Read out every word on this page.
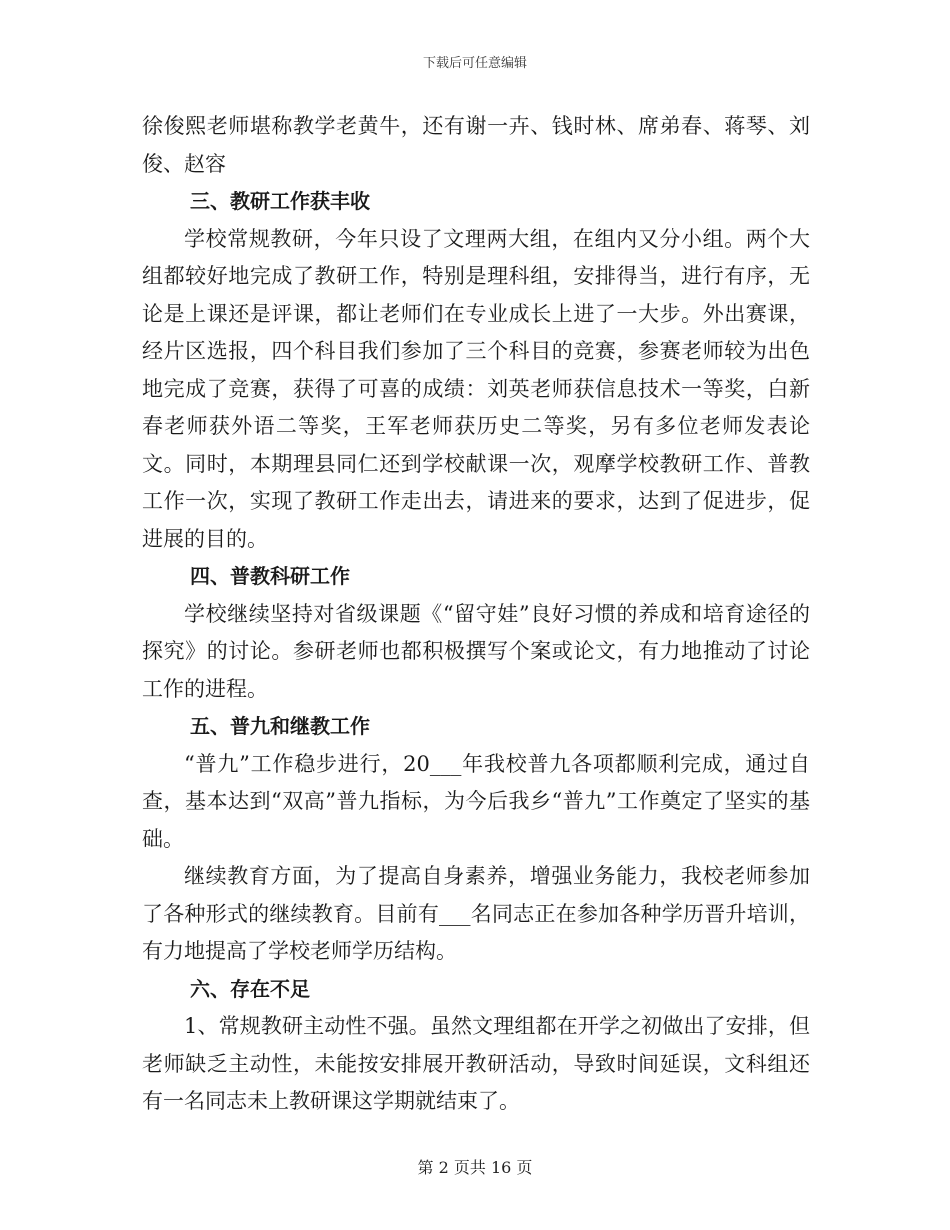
下载后可任意编辑

徐俊熙老师堪称教学老黄牛，还有谢一卉、钱时林、席弟春、蒋琴、刘俊、赵容

三、教研工作获丰收

学校常规教研，今年只设了文理两大组，在组内又分小组。两个大组都较好地完成了教研工作，特别是理科组，安排得当，进行有序，无论是上课还是评课，都让老师们在专业成长上进了一大步。外出赛课，经片区选报，四个科目我们参加了三个科目的竞赛，参赛老师较为出色地完成了竞赛，获得了可喜的成绩：刘英老师获信息技术一等奖，白新春老师获外语二等奖，王军老师获历史二等奖，另有多位老师发表论文。同时，本期理县同仁还到学校献课一次，观摩学校教研工作、普教工作一次，实现了教研工作走出去，请进来的要求，达到了促进步，促进展的目的。

四、普教科研工作

学校继续坚持对省级课题《“留守娃”良好习惯的养成和培育途径的探究》的讨论。参研老师也都积极撰写个案或论文，有力地推动了讨论工作的进程。

五、普九和继教工作

“普九”工作稳步进行，20___年我校普九各项都顺利完成，通过自查，基本达到“双高”普九指标，为今后我乡“普九”工作奠定了坚实的基础。

继续教育方面，为了提高自身素养，增强业务能力，我校老师参加了各种形式的继续教育。目前有___名同志正在参加各种学历晋升培训，有力地提高了学校老师学历结构。

六、存在不足

1、常规教研主动性不强。虽然文理组都在开学之初做出了安排，但老师缺乏主动性，未能按安排展开教研活动，导致时间延误，文科组还有一名同志未上教研课这学期就结束了。

第 2 页共 16 页
